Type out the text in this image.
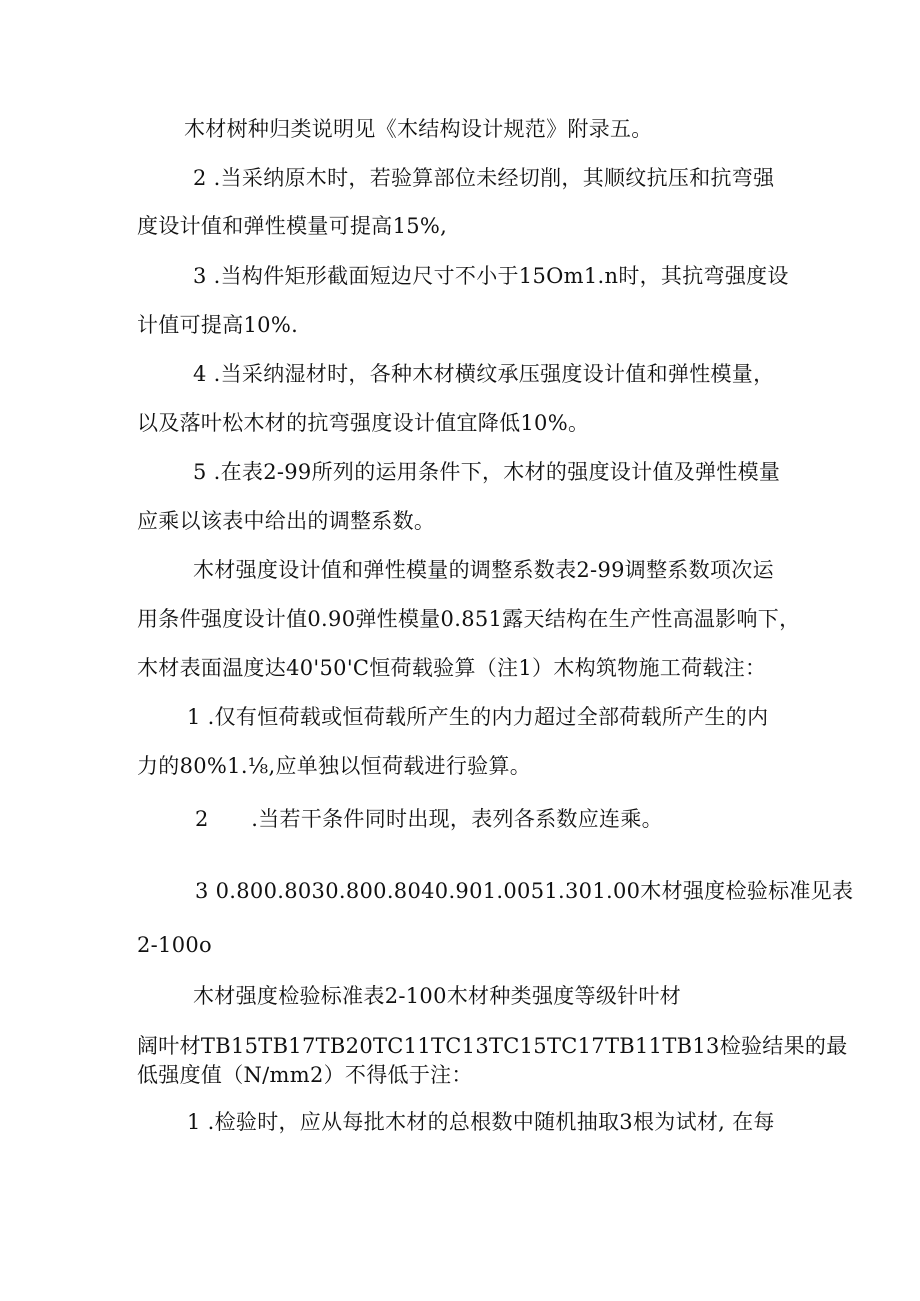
木材树种归类说明见《木结构设计规范》附录五。

2 .当采纳原木时，若验算部位未经切削，其顺纹抗压和抗弯强

度设计值和弹性模量可提高15%,

3 .当构件矩形截面短边尺寸不小于15Om1.n时，其抗弯强度设

计值可提高10%.

4 .当采纳湿材时，各种木材横纹承压强度设计值和弹性模量，

以及落叶松木材的抗弯强度设计值宜降低10%。

5 .在表2-99所列的运用条件下，木材的强度设计值及弹性模量

应乘以该表中给出的调整系数。

木材强度设计值和弹性模量的调整系数表2-99调整系数项次运

用条件强度设计值0.90弹性模量0.851露天结构在生产性高温影响下，

木材表面温度达40'50'C恒荷载验算（注1）木构筑物施工荷载注：

1 .仅有恒荷载或恒荷载所产生的内力超过全部荷载所产生的内

力的80%1.⅛,应单独以恒荷载进行验算。

2　　.当若干条件同时出现，表列各系数应连乘。

3 0.800.8030.800.8040.901.0051.301.00木材强度检验标准见表

2-100o

木材强度检验标准表2-100木材种类强度等级针叶材

阔叶材TB15TB17TB20TC11TC13TC15TC17TB11TB13检验结果的最

低强度值（N∕mm2）不得低于注：

1 .检验时，应从每批木材的总根数中随机抽取3根为试材, 在每
